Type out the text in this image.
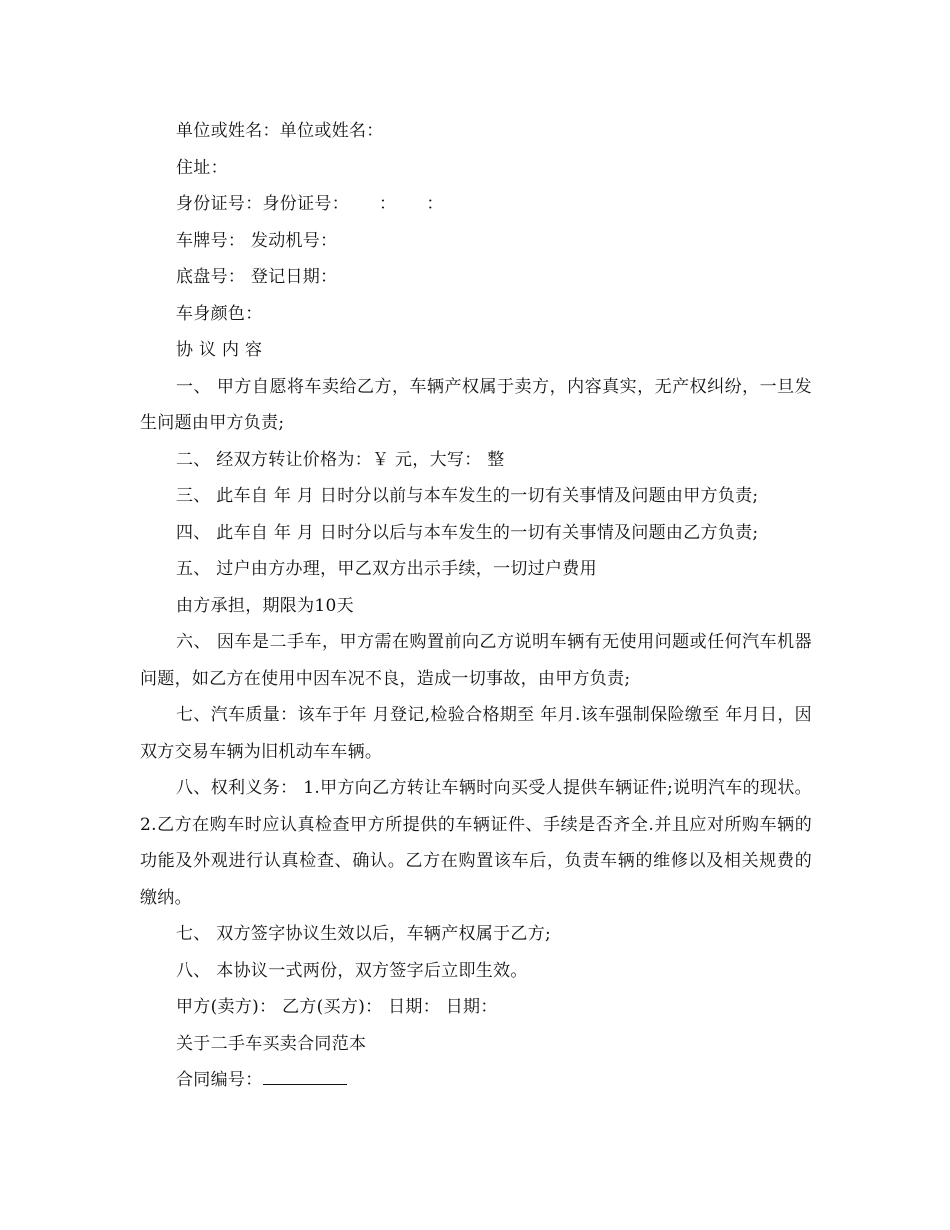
单位或姓名：单位或姓名：

住址：

身份证号：身份证号： ： ：

车牌号： 发动机号：

底盘号： 登记日期：

车身颜色：

协 议 内 容

一、 甲方自愿将车卖给乙方，车辆产权属于卖方，内容真实，无产权纠纷，一旦发生问题由甲方负责;

二、 经双方转让价格为：￥ 元，大写： 整

三、 此车自 年 月 日时分以前与本车发生的一切有关事情及问题由甲方负责;

四、 此车自 年 月 日时分以后与本车发生的一切有关事情及问题由乙方负责;

五、 过户由方办理，甲乙双方出示手续，一切过户费用

由方承担，期限为10天

六、 因车是二手车，甲方需在购置前向乙方说明车辆有无使用问题或任何汽车机器问题，如乙方在使用中因车况不良，造成一切事故，由甲方负责;

七、汽车质量：该车于年 月登记,检验合格期至 年月.该车强制保险缴至 年月日，因双方交易车辆为旧机动车车辆。

八、权利义务： 1.甲方向乙方转让车辆时向买受人提供车辆证件;说明汽车的现状。 2.乙方在购车时应认真检查甲方所提供的车辆证件、手续是否齐全.并且应对所购车辆的功能及外观进行认真检查、确认。乙方在购置该车后，负责车辆的维修以及相关规费的缴纳。

七、 双方签字协议生效以后，车辆产权属于乙方;

八、 本协议一式两份，双方签字后立即生效。

甲方(卖方)： 乙方(买方)： 日期： 日期：

关于二手车买卖合同范本

合同编号：
